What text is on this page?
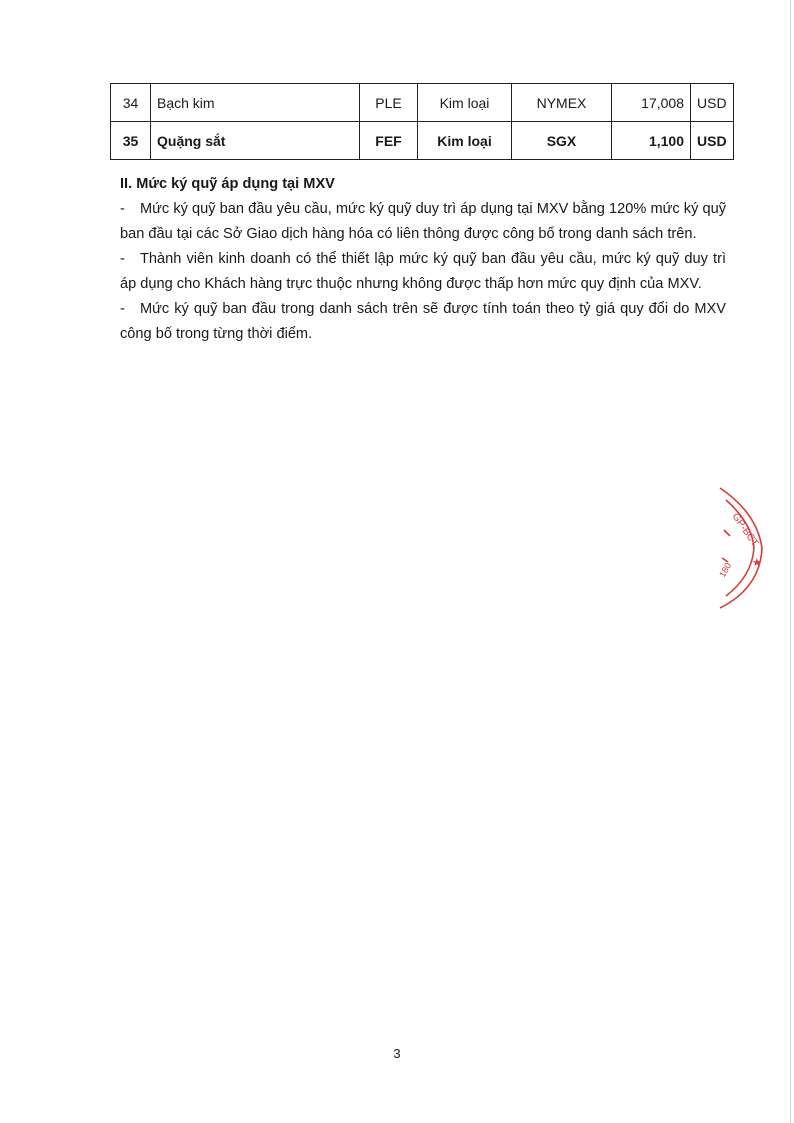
34	Bạch kim	PLE	Kim loại	NYMEX	17,008	USD
35	Quặng sắt	FEF	Kim loại	SGX	1,100	USD
II. Mức ký quỹ áp dụng tại MXV

- Mức ký quỹ ban đầu yêu cầu, mức ký quỹ duy trì áp dụng tại MXV bằng 120% mức ký quỹ ban đầu tại các Sở Giao dịch hàng hóa có liên thông được công bố trong danh sách trên.

- Thành viên kinh doanh có thể thiết lập mức ký quỹ ban đầu yêu cầu, mức ký quỹ duy trì áp dụng cho Khách hàng trực thuộc nhưng không được thấp hơn mức quy định của MXV.

- Mức ký quỹ ban đầu trong danh sách trên sẽ được tính toán theo tỷ giá quy đổi do MXV công bố trong từng thời điểm.

GP-BCT
180 ★
3
